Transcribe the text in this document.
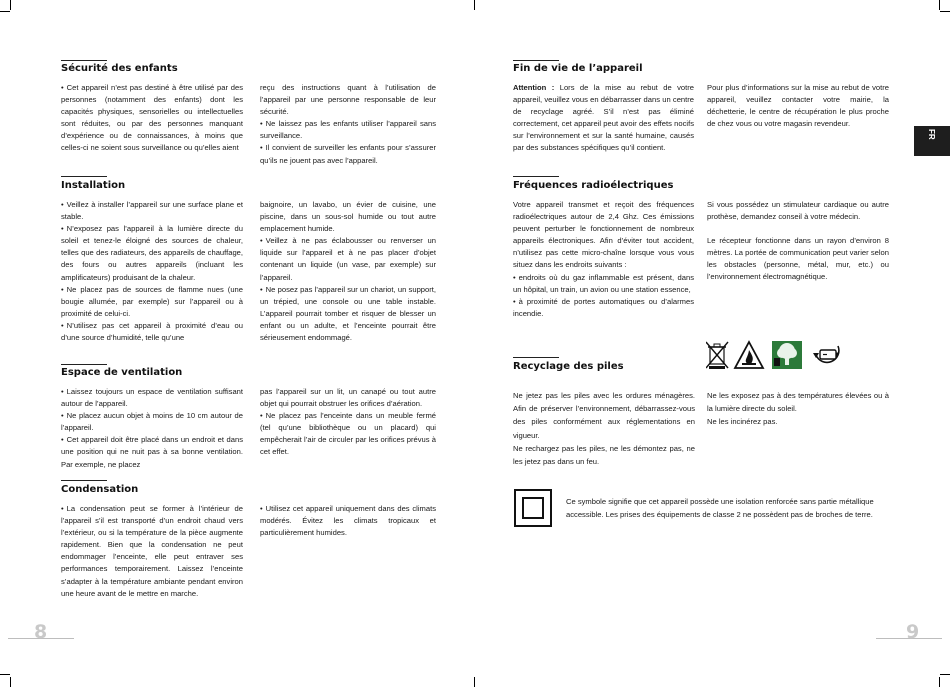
Sécurité des enfants
• Cet appareil n’est pas destiné à être utilisé par des personnes (notamment des enfants) dont les capacités physiques, sensorielles ou intellectuelles sont réduites, ou par des personnes manquant d’expérience ou de connaissances, à moins que celles-ci ne soient sous surveillance ou qu’elles aient
reçu des instructions quant à l’utilisation de l’appareil par une personne responsable de leur sécurité.
• Ne laissez pas les enfants utiliser l’appareil sans surveillance.
• Il convient de surveiller les enfants pour s’assurer qu’ils ne jouent pas avec l’appareil.
Installation
• Veillez à installer l’appareil sur une surface plane et stable.
• N’exposez pas l’appareil à la lumière directe du soleil et tenez-le éloigné des sources de chaleur, telles que des radiateurs, des appareils de chauffage, des fours ou autres appareils (incluant les amplificateurs) produisant de la chaleur.
• Ne placez pas de sources de flamme nues (une bougie allumée, par exemple) sur l’appareil ou à proximité de celui-ci.
• N’utilisez pas cet appareil à proximité d’eau ou d’une source d’humidité, telle qu’une
baignoire, un lavabo, un évier de cuisine, une piscine, dans un sous-sol humide ou tout autre emplacement humide.
• Veillez à ne pas éclabousser ou renverser un liquide sur l’appareil et à ne pas placer d’objet contenant un liquide (un vase, par exemple) sur l’appareil.
• Ne posez pas l’appareil sur un chariot, un support, un trépied, une console ou une table instable. L’appareil pourrait tomber et risquer de blesser un enfant ou un adulte, et l’enceinte pourrait être sérieusement endommagé.
Espace de ventilation
• Laissez toujours un espace de ventilation suffisant autour de l’appareil.
• Ne placez aucun objet à moins de 10 cm autour de l’appareil.
• Cet appareil doit être placé dans un endroit et dans une position qui ne nuit pas à sa bonne ventilation. Par exemple, ne placez
pas l’appareil sur un lit, un canapé ou tout autre objet qui pourrait obstruer les orifices d’aération.
• Ne placez pas l’enceinte dans un meuble fermé (tel qu’une bibliothèque ou un placard) qui empêcherait l’air de circuler par les orifices prévus à cet effet.
Condensation
• La condensation peut se former à l’intérieur de l’appareil s’il est transporté d’un endroit chaud vers l’extérieur, ou si la température de la pièce augmente rapidement. Bien que la condensation ne peut endommager l’enceinte, elle peut entraver ses performances temporairement. Laissez l’enceinte s’adapter à la température ambiante pendant environ une heure avant de le mettre en marche.
• Utilisez cet appareil uniquement dans des climats modérés. Évitez les climats tropicaux et particulièrement humides.
8
FR
Fin de vie de l’appareil

Attention : Lors de la mise au rebut de votre appareil, veuillez vous en débarrasser dans un centre de recyclage agréé. S’il n’est pas éliminé correctement, cet appareil peut avoir des effets nocifs sur l’environnement et sur la santé humaine, causés par des substances spécifiques qu’il contient.

Pour plus d’informations sur la mise au rebut de votre appareil, veuillez contacter votre mairie, la déchetterie, le centre de récupération le plus proche de chez vous ou votre magasin revendeur.

Fréquences radioélectriques
Votre appareil transmet et reçoit des fréquences radioélectriques autour de 2,4 Ghz. Ces émissions peuvent perturber le fonctionnement de nombreux appareils électroniques. Afin d’éviter tout accident, n’utilisez pas cette micro-chaîne lorsque vous vous situez dans les endroits suivants :
• endroits où du gaz inflammable est présent, dans un hôpital, un train, un avion ou une station essence,
• à proximité de portes automatiques ou d’alarmes incendie.

Si vous possédez un stimulateur cardiaque ou autre prothèse, demandez conseil à votre médecin.

Le récepteur fonctionne dans un rayon d’environ 8 mètres. La portée de communication peut varier selon les obstacles (personne, métal, mur, etc.) ou l’environnement électromagnétique.

Recyclage des piles

Ne jetez pas les piles avec les ordures ménagères. Afin de préserver l’environnement, débarrassez-vous des piles conformément aux réglementations en vigueur.

Ne rechargez pas les piles, ne les démontez pas, ne les jetez pas dans un feu.

Ne les exposez pas à des températures élevées ou à la lumière directe du soleil.

Ne les incinérez pas.

Ce symbole signifie que cet appareil possède une isolation renforcée sans partie métallique accessible. Les prises des équipements de classe 2 ne possèdent pas de broches de terre.

9
